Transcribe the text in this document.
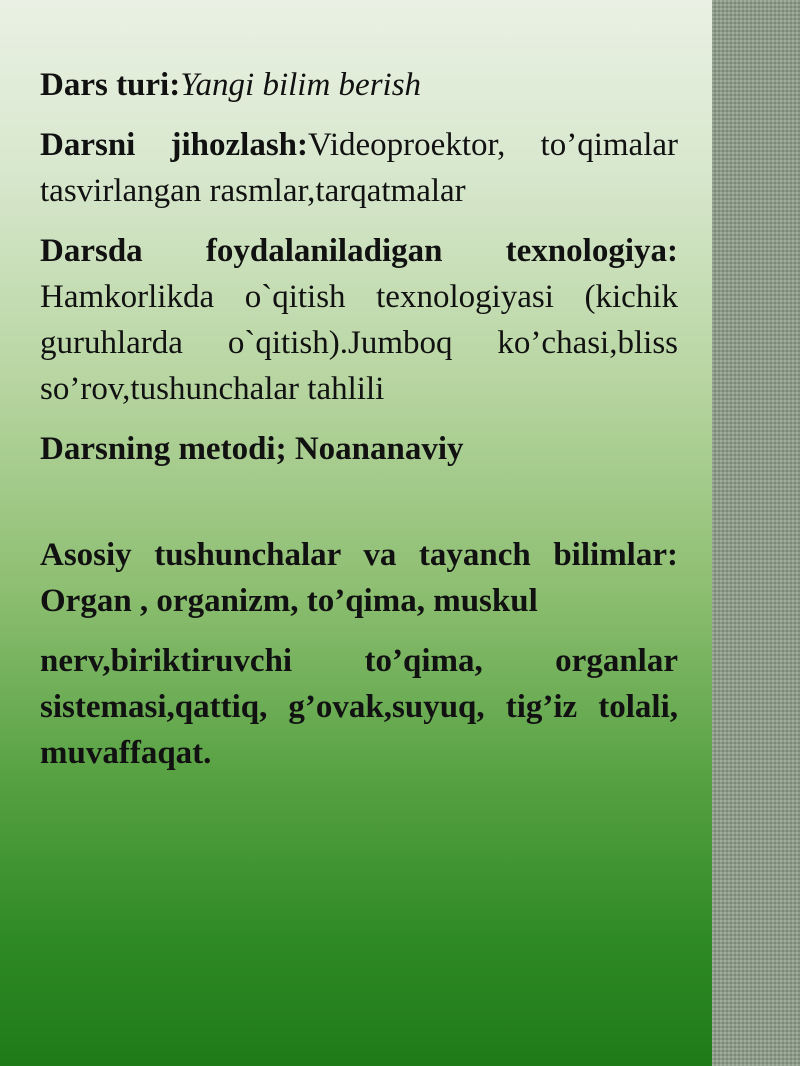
Dars turi:Yangi bilim berish

Darsni jihozlash:Videoproektor, to’qimalar tasvirlangan rasmlar,tarqatmalar

Darsda foydalaniladigan texnologiya: Hamkorlikda o`qitish texnologiyasi (kichik guruhlarda o`qitish).Jumboq ko’chasi,bliss so’rov,tushunchalar tahlili

Darsning metodi; Noananaviy

Asosiy tushunchalar va tayanch bilimlar: Organ , organizm, to’qima, muskul

nerv,biriktiruvchi to’qima, organlar sistemasi,qattiq, g’ovak,suyuq, tig’iz tolali, muvaffaqat.
